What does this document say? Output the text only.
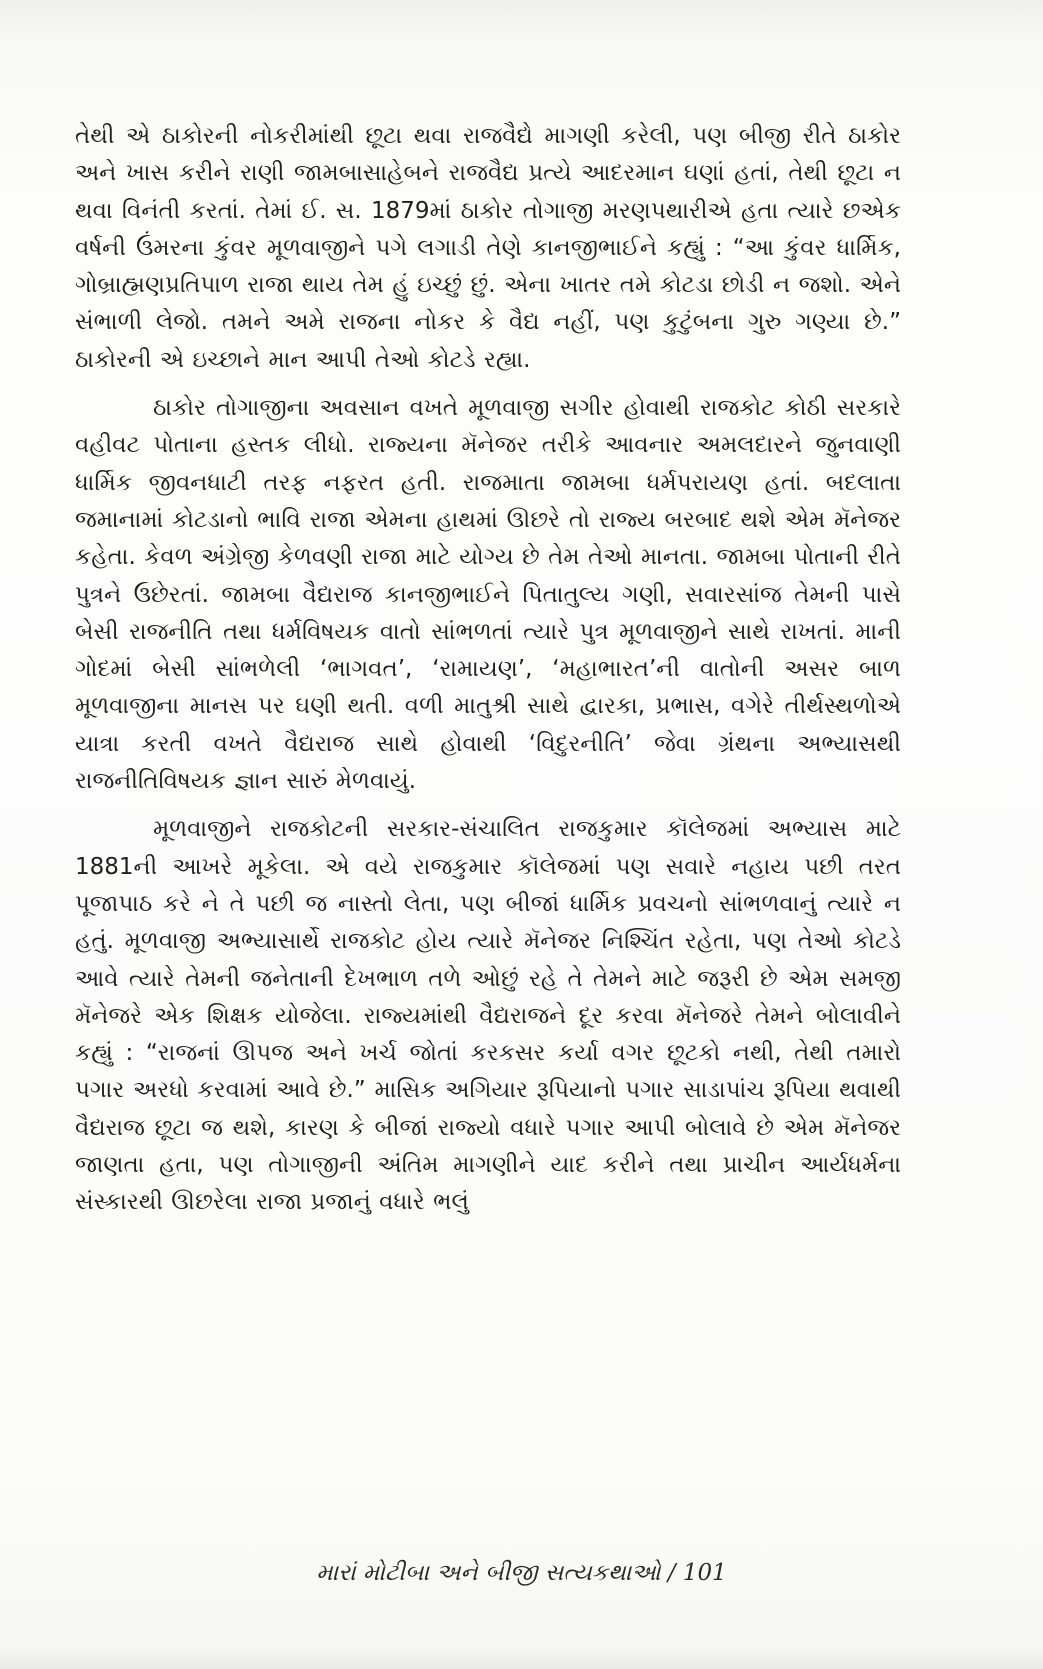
તેથી એ ઠાકોરની નોકરીમાંથી છૂટા થવા રાજવૈદ્યે માગણી કરેલી, પણ બીજી રીતે ઠાકોર અને ખાસ કરીને રાણી જામબાસાહેબને રાજવૈદ્ય પ્રત્યે આદરમાન ઘણાં હતાં, તેથી છૂટા ન થવા વિનંતી કરતાં. તેમાં ઈ. સ. 1879માં ઠાકોર તોગાજી મરણપથારીએ હતા ત્યારે છએક વર્ષની ઉંમરના કુંવર મૂળવાજીને પગે લગાડી તેણે કાનજીભાઈને કહ્યું : “આ કુંવર ધાર્મિક, ગોબ્રાહ્મણપ્રતિપાળ રાજા થાય તેમ હું ઇચ્છું છું. એના ખાતર તમે કોટડા છોડી ન જશો. એને સંભાળી લેજો. તમને અમે રાજના નોકર કે વૈદ્ય નહીં, પણ કુટુંબના ગુરુ ગણ્યા છે.” ઠાકોરની એ ઇચ્છાને માન આપી તેઓ કોટડે રહ્યા.

ઠાકોર તોગાજીના અવસાન વખતે મૂળવાજી સગીર હોવાથી રાજકોટ કોઠી સરકારે વહીવટ પોતાના હસ્તક લીધો. રાજ્યના મૅનેજર તરીકે આવનાર અમલદારને જુનવાણી ધાર્મિક જીવનધાટી તરફ નફરત હતી. રાજમાતા જામબા ધર્મપરાયણ હતાં. બદલાતા જમાનામાં કોટડાનો ભાવિ રાજા એમના હાથમાં ઊછરે તો રાજ્ય બરબાદ થશે એમ મૅનેજર કહેતા. કેવળ અંગ્રેજી કેળવણી રાજા માટે યોગ્ય છે તેમ તેઓ માનતા. જામબા પોતાની રીતે પુત્રને ઉછેરતાં. જામબા વૈદ્યરાજ કાનજીભાઈને પિતાતુલ્ય ગણી, સવારસાંજ તેમની પાસે બેસી રાજનીતિ તથા ધર્મવિષયક વાતો સાંભળતાં ત્યારે પુત્ર મૂળવાજીને સાથે રાખતાં. માની ગોદમાં બેસી સાંભળેલી ‘ભાગવત’, ‘રામાયણ’, ‘મહાભારત’ની વાતોની અસર બાળ મૂળવાજીના માનસ પર ઘણી થતી. વળી માતુશ્રી સાથે દ્વારકા, પ્રભાસ, વગેરે તીર્થસ્થળોએ યાત્રા કરતી વખતે વૈદ્યરાજ સાથે હોવાથી ‘વિદુરનીતિ’ જેવા ગ્રંથના અભ્યાસથી રાજનીતિવિષયક જ્ઞાન સારું મેળવાયું.

મૂળવાજીને રાજકોટની સરકાર-સંચાલિત રાજકુમાર કૉલેજમાં અભ્યાસ માટે 1881ની આખરે મૂકેલા. એ વયે રાજકુમાર કૉલેજમાં પણ સવારે નહાય પછી તરત પૂજાપાઠ કરે ને તે પછી જ નાસ્તો લેતા, પણ બીજાં ધાર્મિક પ્રવચનો સાંભળવાનું ત્યારે ન હતું. મૂળવાજી અભ્યાસાર્થે રાજકોટ હોય ત્યારે મૅનેજર નિશ્ચિંત રહેતા, પણ તેઓ કોટડે આવે ત્યારે તેમની જનેતાની દેખભાળ તળે ઓછું રહે તે તેમને માટે જરૂરી છે એમ સમજી મૅનેજરે એક શિક્ષક યોજેલા. રાજ્યમાંથી વૈદ્યરાજને દૂર કરવા મૅનેજરે તેમને બોલાવીને કહ્યું : “રાજનાં ઊપજ અને ખર્ચ જોતાં કરકસર કર્યા વગર છૂટકો નથી, તેથી તમારો પગાર અરધો કરવામાં આવે છે.” માસિક અગિયાર રૂપિયાનો પગાર સાડાપાંચ રૂપિયા થવાથી વૈદ્યરાજ છૂટા જ થશે, કારણ કે બીજાં રાજ્યો વધારે પગાર આપી બોલાવે છે એમ મૅનેજર જાણતા હતા, પણ તોગાજીની અંતિમ માગણીને યાદ કરીને તથા પ્રાચીન આર્યધર્મના સંસ્કારથી ઊછરેલા રાજા પ્રજાનું વધારે ભલું

મારાં મોટીબા અને બીજી સત્યકથાઓ / 101
